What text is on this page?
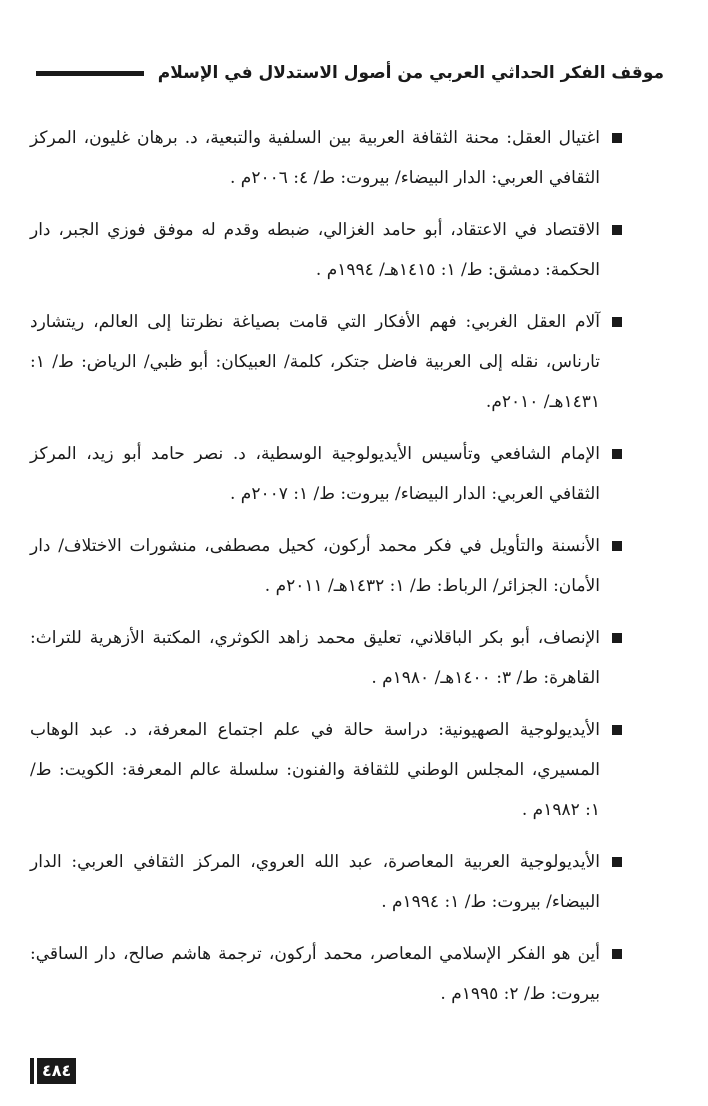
موقف الفكر الحداثي العربي من أصول الاستدلال في الإسلام
اغتيال العقل: محنة الثقافة العربية بين السلفية والتبعية، د. برهان غليون، المركز الثقافي العربي: الدار البيضاء/ بيروت: ط/ ٤: ٢٠٠٦م .
الاقتصاد في الاعتقاد، أبو حامد الغزالي، ضبطه وقدم له موفق فوزي الجبر، دار الحكمة: دمشق: ط/ ١: ١٤١٥هـ/ ١٩٩٤م .
آلام العقل الغربي: فهم الأفكار التي قامت بصياغة نظرتنا إلى العالم، ريتشارد تارناس، نقله إلى العربية فاضل جتكر، كلمة/ العبيكان: أبو ظبي/ الرياض: ط/ ١: ١٤٣١هـ/ ٢٠١٠م.
الإمام الشافعي وتأسيس الأيديولوجية الوسطية، د. نصر حامد أبو زيد، المركز الثقافي العربي: الدار البيضاء/ بيروت: ط/ ١: ٢٠٠٧م .
الأنسنة والتأويل في فكر محمد أركون، كحيل مصطفى، منشورات الاختلاف/ دار الأمان: الجزائر/ الرباط: ط/ ١: ١٤٣٢هـ/ ٢٠١١م .
الإنصاف، أبو بكر الباقلاني، تعليق محمد زاهد الكوثري، المكتبة الأزهرية للتراث: القاهرة: ط/ ٣: ١٤٠٠هـ/ ١٩٨٠م .
الأيديولوجية الصهيونية: دراسة حالة في علم اجتماع المعرفة، د. عبد الوهاب المسيري، المجلس الوطني للثقافة والفنون: سلسلة عالم المعرفة: الكويت: ط/ ١: ١٩٨٢م .
الأيديولوجية العربية المعاصرة، عبد الله العروي، المركز الثقافي العربي: الدار البيضاء/ بيروت: ط/ ١: ١٩٩٤م .
أين هو الفكر الإسلامي المعاصر، محمد أركون، ترجمة هاشم صالح، دار الساقي: بيروت: ط/ ٢: ١٩٩٥م .
٤٨٤
